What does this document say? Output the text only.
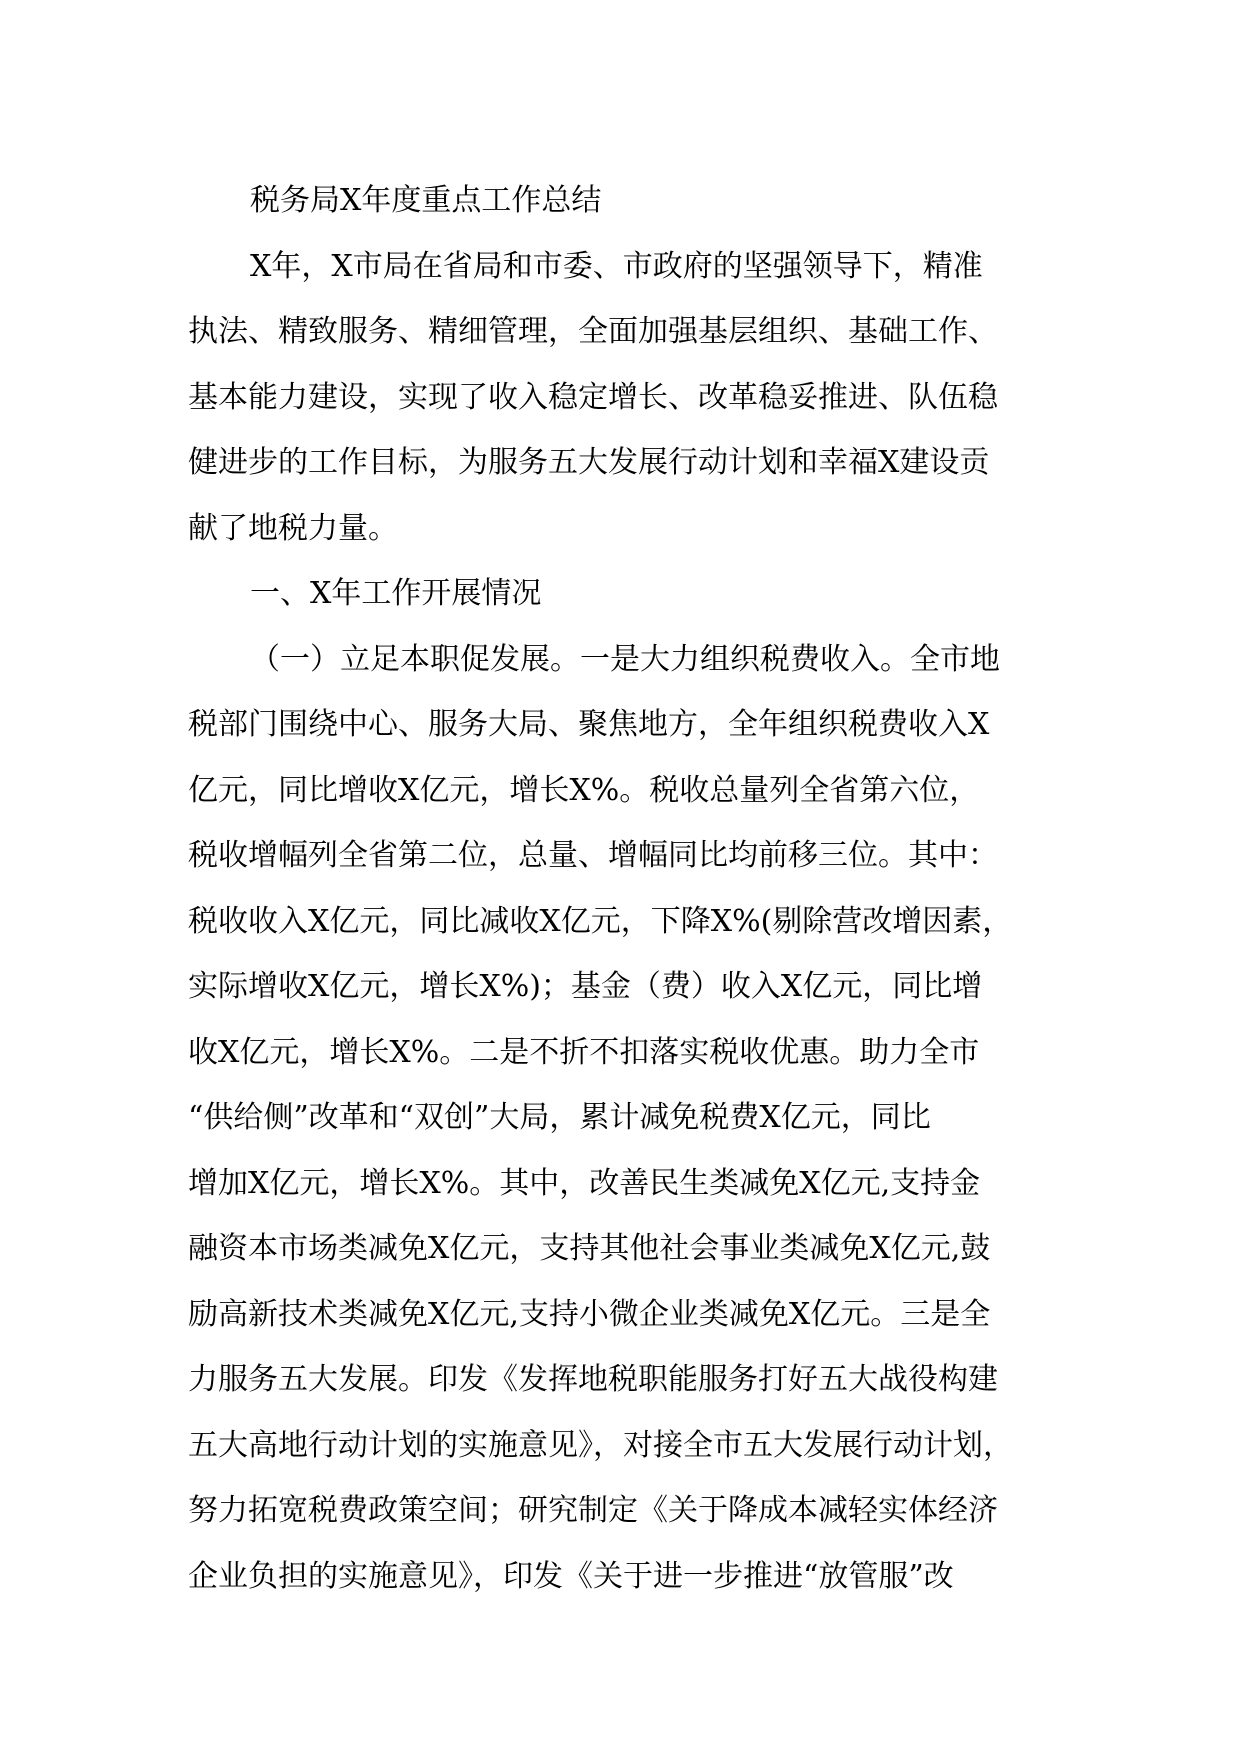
税务局X年度重点工作总结
X年，X市局在省局和市委、市政府的坚强领导下，精准
执法、精致服务、精细管理，全面加强基层组织、基础工作、
基本能力建设，实现了收入稳定增长、改革稳妥推进、队伍稳
健进步的工作目标，为服务五大发展行动计划和幸福X建设贡
献了地税力量。
一、X年工作开展情况
（一）立足本职促发展。一是大力组织税费收入。全市地
税部门围绕中心、服务大局、聚焦地方，全年组织税费收入X
亿元，同比增收X亿元，增长X%。税收总量列全省第六位，
税收增幅列全省第二位，总量、增幅同比均前移三位。其中：
税收收入X亿元，同比减收X亿元，下降X%(剔除营改增因素，
实际增收X亿元，增长X%)；基金（费）收入X亿元，同比增
收X亿元，增长X%。二是不折不扣落实税收优惠。助力全市
“供给侧”改革和“双创”大局，累计减免税费X亿元，同比
增加X亿元，增长X%。其中，改善民生类减免X亿元,支持金
融资本市场类减免X亿元，支持其他社会事业类减免X亿元,鼓
励高新技术类减免X亿元,支持小微企业类减免X亿元。三是全
力服务五大发展。印发《发挥地税职能服务打好五大战役构建
五大高地行动计划的实施意见》，对接全市五大发展行动计划，
努力拓宽税费政策空间；研究制定《关于降成本减轻实体经济
企业负担的实施意见》，印发《关于进一步推进“放管服”改
